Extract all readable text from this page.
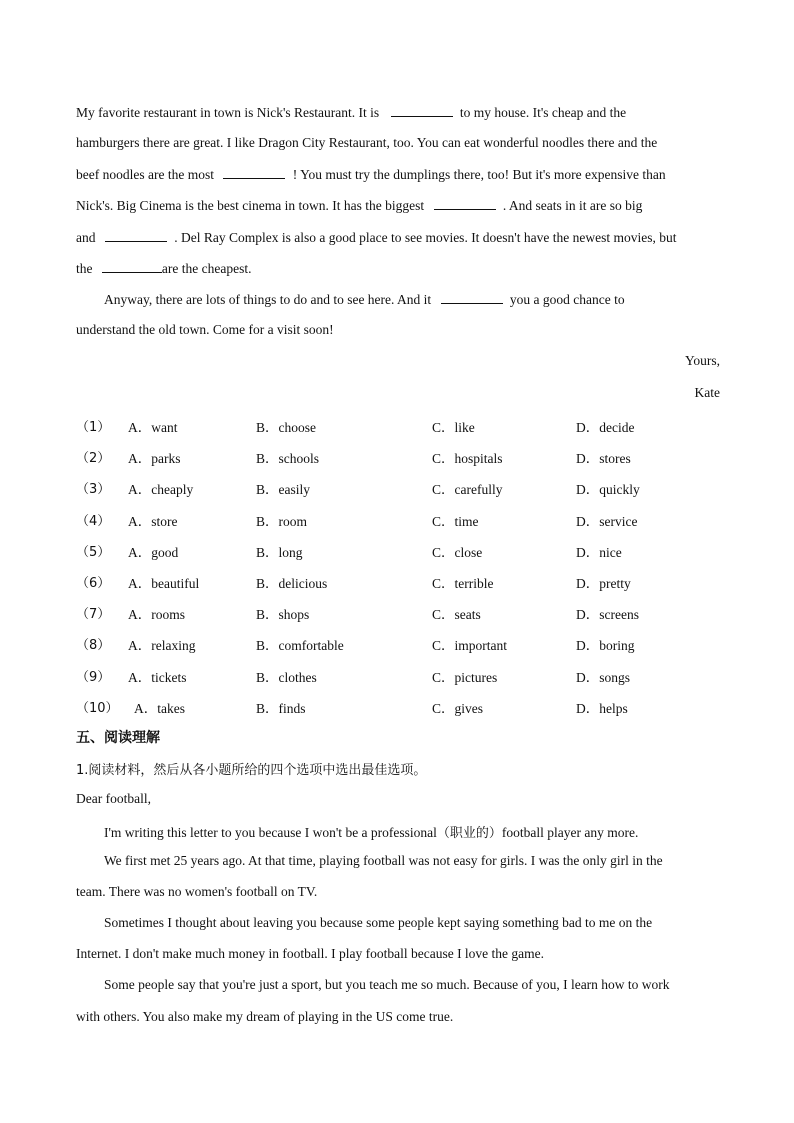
My favorite restaurant in town is Nick's Restaurant. It is	to my house. It's cheap and the
hamburgers there are great. I like Dragon City Restaurant, too. You can eat wonderful noodles there and the
beef noodles are the most	! You must try the dumplings there, too! But it's more expensive than
Nick's. Big Cinema is the best cinema in town. It has the biggest	. And seats in it are so big
and	. Del Ray Complex is also a good place to see movies. It doesn't have the newest movies, but
the	are the cheapest.
Anyway, there are lots of things to do and to see here. And it	you a good chance to
understand the old town. Come for a visit soon!
Yours,
Kate
（1） A．want	B．choose	C．like	D．decide
（2） A．parks	B．schools	C．hospitals	D．stores
（3） A．cheaply	B．easily	C．carefully	D．quickly
（4） A．store	B．room	C．time	D．service
（5） A．good	B．long	C．close	D．nice
（6） A．beautiful	B．delicious	C．terrible	D．pretty
（7） A．rooms	B．shops	C．seats	D．screens
（8） A．relaxing	B．comfortable	C．important	D．boring
（9） A．tickets	B．clothes	C．pictures	D．songs
（10） A．takes	B．finds	C．gives	D．helps
五、阅读理解
1.阅读材料，然后从各小题所给的四个选项中选出最佳选项。
Dear football,
I'm writing this letter to you because I won't be a professional（职业的）football player any more.
We first met 25 years ago. At that time, playing football was not easy for girls. I was the only girl in the
team. There was no women's football on TV.
Sometimes I thought about leaving you because some people kept saying something bad to me on the
Internet. I don't make much money in football. I play football because I love the game.
Some people say that you're just a sport, but you teach me so much. Because of you, I learn how to work
with others. You also make my dream of playing in the US come true.
